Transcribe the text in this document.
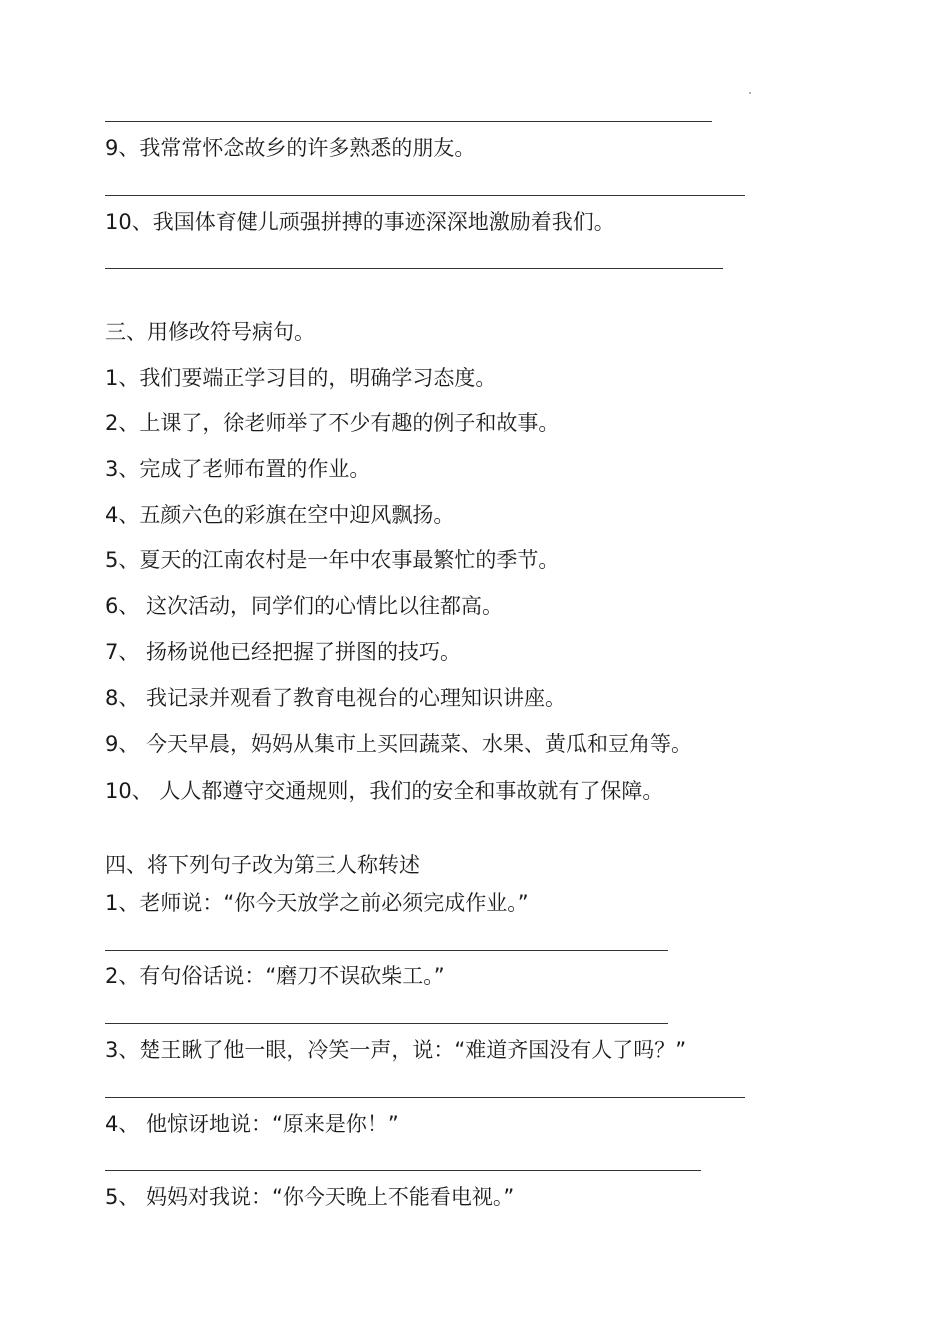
9、我常常怀念故乡的许多熟悉的朋友。
10、我国体育健儿顽强拼搏的事迹深深地激励着我们。
三、用修改符号病句。
1、我们要端正学习目的，明确学习态度。
2、上课了，徐老师举了不少有趣的例子和故事。
3、完成了老师布置的作业。
4、五颜六色的彩旗在空中迎风飘扬。
5、夏天的江南农村是一年中农事最繁忙的季节。
6、 这次活动，同学们的心情比以往都高。
7、 扬杨说他已经把握了拼图的技巧。
8、 我记录并观看了教育电视台的心理知识讲座。
9、 今天早晨，妈妈从集市上买回蔬菜、水果、黄瓜和豆角等。
10、 人人都遵守交通规则，我们的安全和事故就有了保障。
四、将下列句子改为第三人称转述
1、老师说：“你今天放学之前必须完成作业。”
2、有句俗话说：“磨刀不误砍柴工。”
3、楚王瞅了他一眼，冷笑一声，说：“难道齐国没有人了吗？”
4、 他惊讶地说：“原来是你！”
5、 妈妈对我说：“你今天晚上不能看电视。”
